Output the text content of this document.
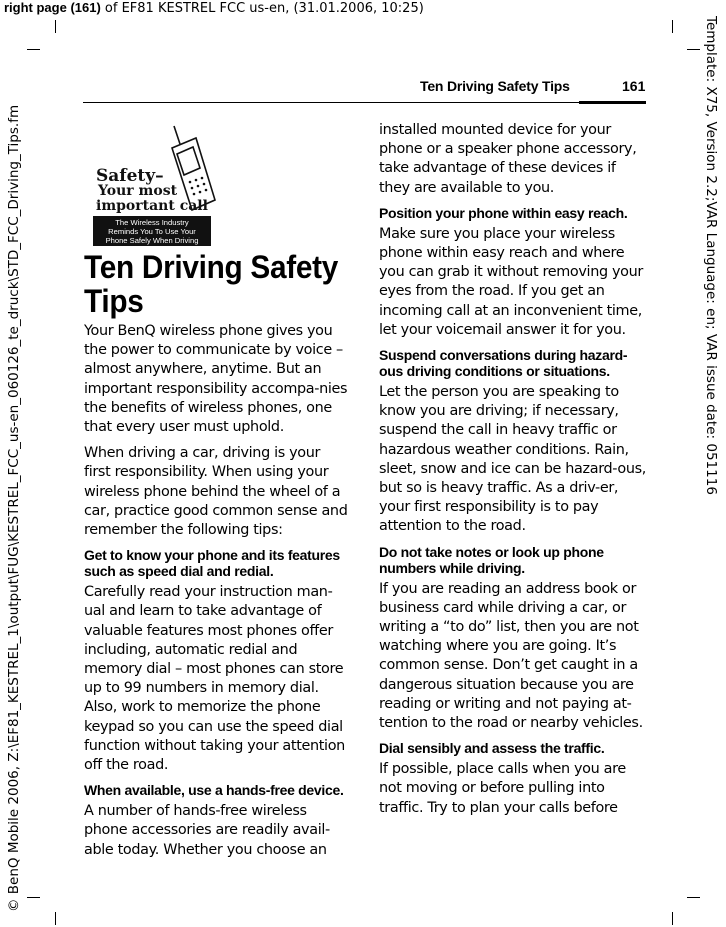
right page (161) of EF81 KESTREL FCC us-en, (31.01.2006, 10:25)
© BenQ Mobile 2006, Z:\EF81_KESTREL_1\output\FUG\KESTREL_FCC_us-en_060126_te_druck\STD_FCC_Driving_Tips.fm	Template: X75, Version 2.2;VAR Language: en; VAR issue date: 051116
Ten Driving Safety Tips	161
Safety–
Your most
important call
The Wireless Industry
Reminds You To Use Your
Phone Safely When Driving
Ten Driving Safety Tips

Your BenQ wireless phone gives you the power to communicate by voice – almost anywhere, anytime. But an important responsibility accompa-nies the benefits of wireless phones, one that every user must uphold.

When driving a car, driving is your first responsibility. When using your wireless phone behind the wheel of a car, practice good common sense and remember the following tips:

Get to know your phone and its features such as speed dial and redial.

Carefully read your instruction man-ual and learn to take advantage of valuable features most phones offer including, automatic redial and memory dial – most phones can store up to 99 numbers in memory dial. Also, work to memorize the phone keypad so you can use the speed dial function without taking your attention off the road.

When available, use a hands-free device.

A number of hands-free wireless phone accessories are readily avail-able today. Whether you choose an

installed mounted device for your phone or a speaker phone accessory, take advantage of these devices if they are available to you.

Position your phone within easy reach.

Make sure you place your wireless phone within easy reach and where you can grab it without removing your eyes from the road. If you get an incoming call at an inconvenient time, let your voicemail answer it for you.

Suspend conversations during hazard-ous driving conditions or situations.

Let the person you are speaking to know you are driving; if necessary, suspend the call in heavy traffic or hazardous weather conditions. Rain, sleet, snow and ice can be hazard-ous, but so is heavy traffic. As a driv-er, your first responsibility is to pay attention to the road.

Do not take notes or look up phone numbers while driving.

If you are reading an address book or business card while driving a car, or writing a “to do” list, then you are not watching where you are going. It’s common sense. Don’t get caught in a dangerous situation because you are reading or writing and not paying at-tention to the road or nearby vehicles.

Dial sensibly and assess the traffic.

If possible, place calls when you are not moving or before pulling into traffic. Try to plan your calls before
